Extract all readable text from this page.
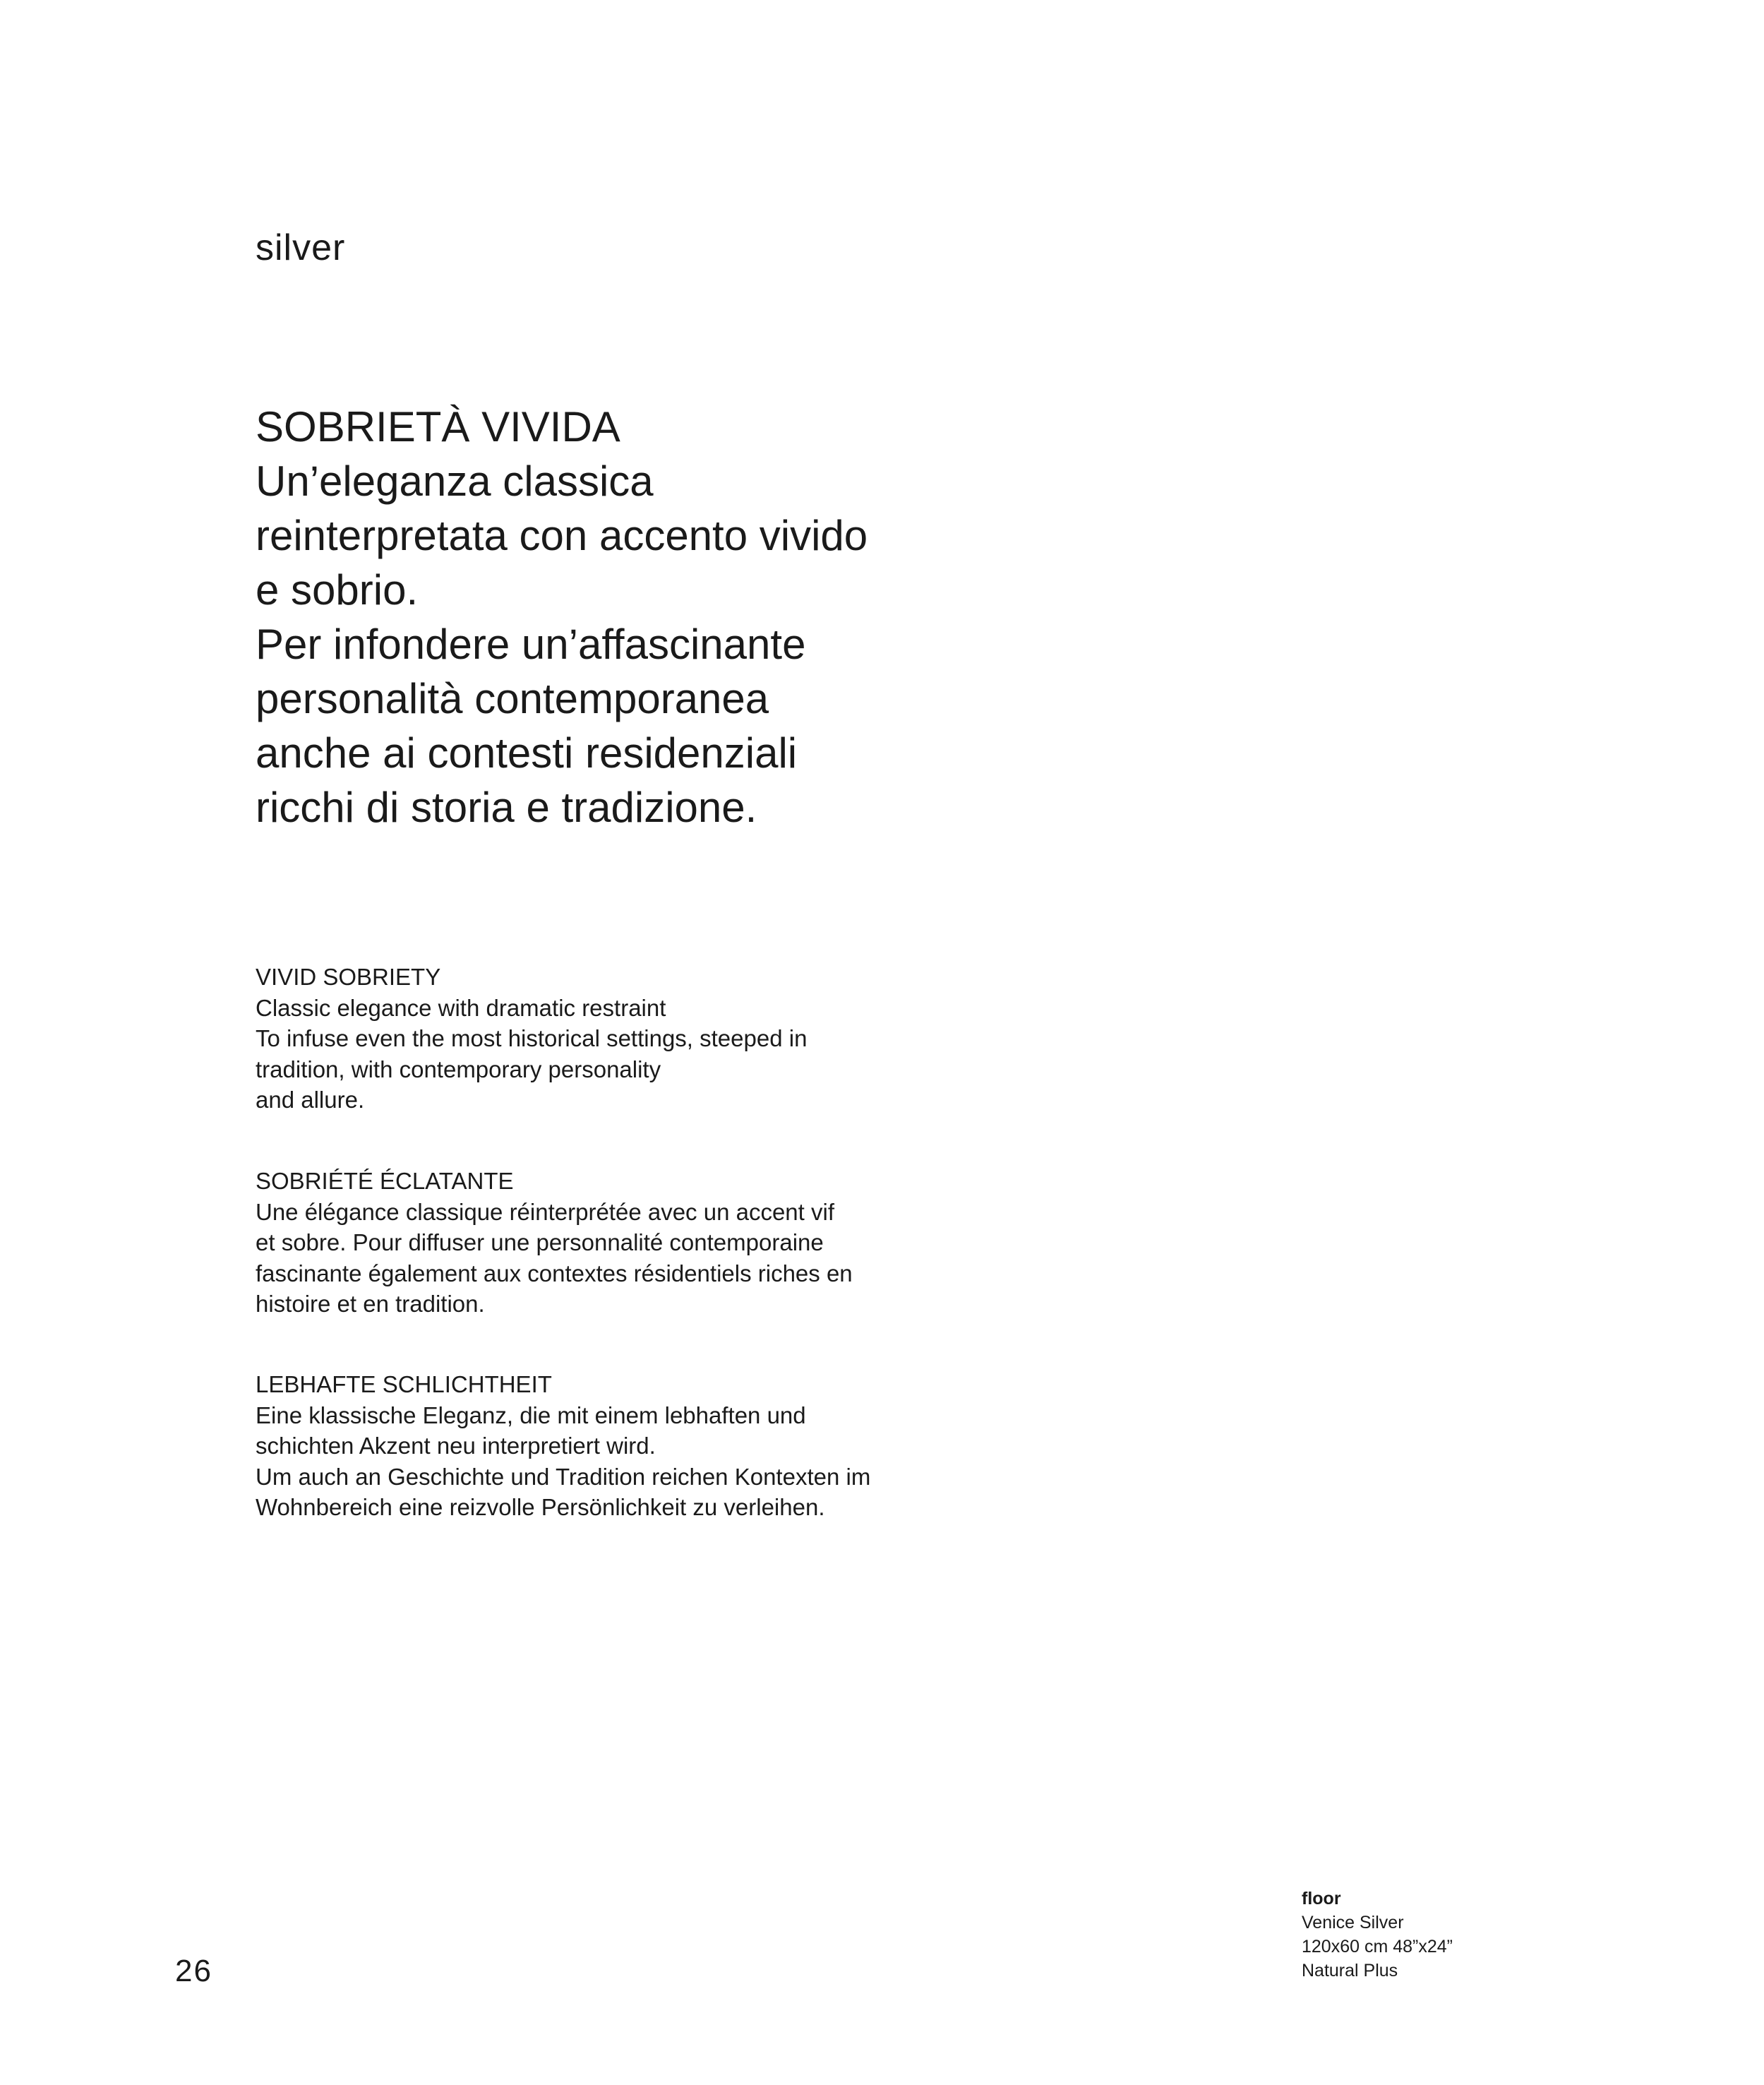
silver

SOBRIETÀ VIVIDA
Un’eleganza classica
reinterpretata con accento vivido
e sobrio.
Per infondere un’affascinante
personalità contemporanea
anche ai contesti residenziali
ricchi di storia e tradizione.

VIVID SOBRIETY
Classic elegance with dramatic restraint
To infuse even the most historical settings, steeped in
tradition, with contemporary personality
and allure.

SOBRIÉTÉ ÉCLATANTE
Une élégance classique réinterprétée avec un accent vif
et sobre. Pour diffuser une personnalité contemporaine
fascinante également aux contextes résidentiels riches en
histoire et en tradition.

LEBHAFTE SCHLICHTHEIT
Eine klassische Eleganz, die mit einem lebhaften und
schichten Akzent neu interpretiert wird.
Um auch an Geschichte und Tradition reichen Kontexten im
Wohnbereich eine reizvolle Persönlichkeit zu verleihen.

floor
Venice Silver
120x60 cm 48”x24”
Natural Plus

26
